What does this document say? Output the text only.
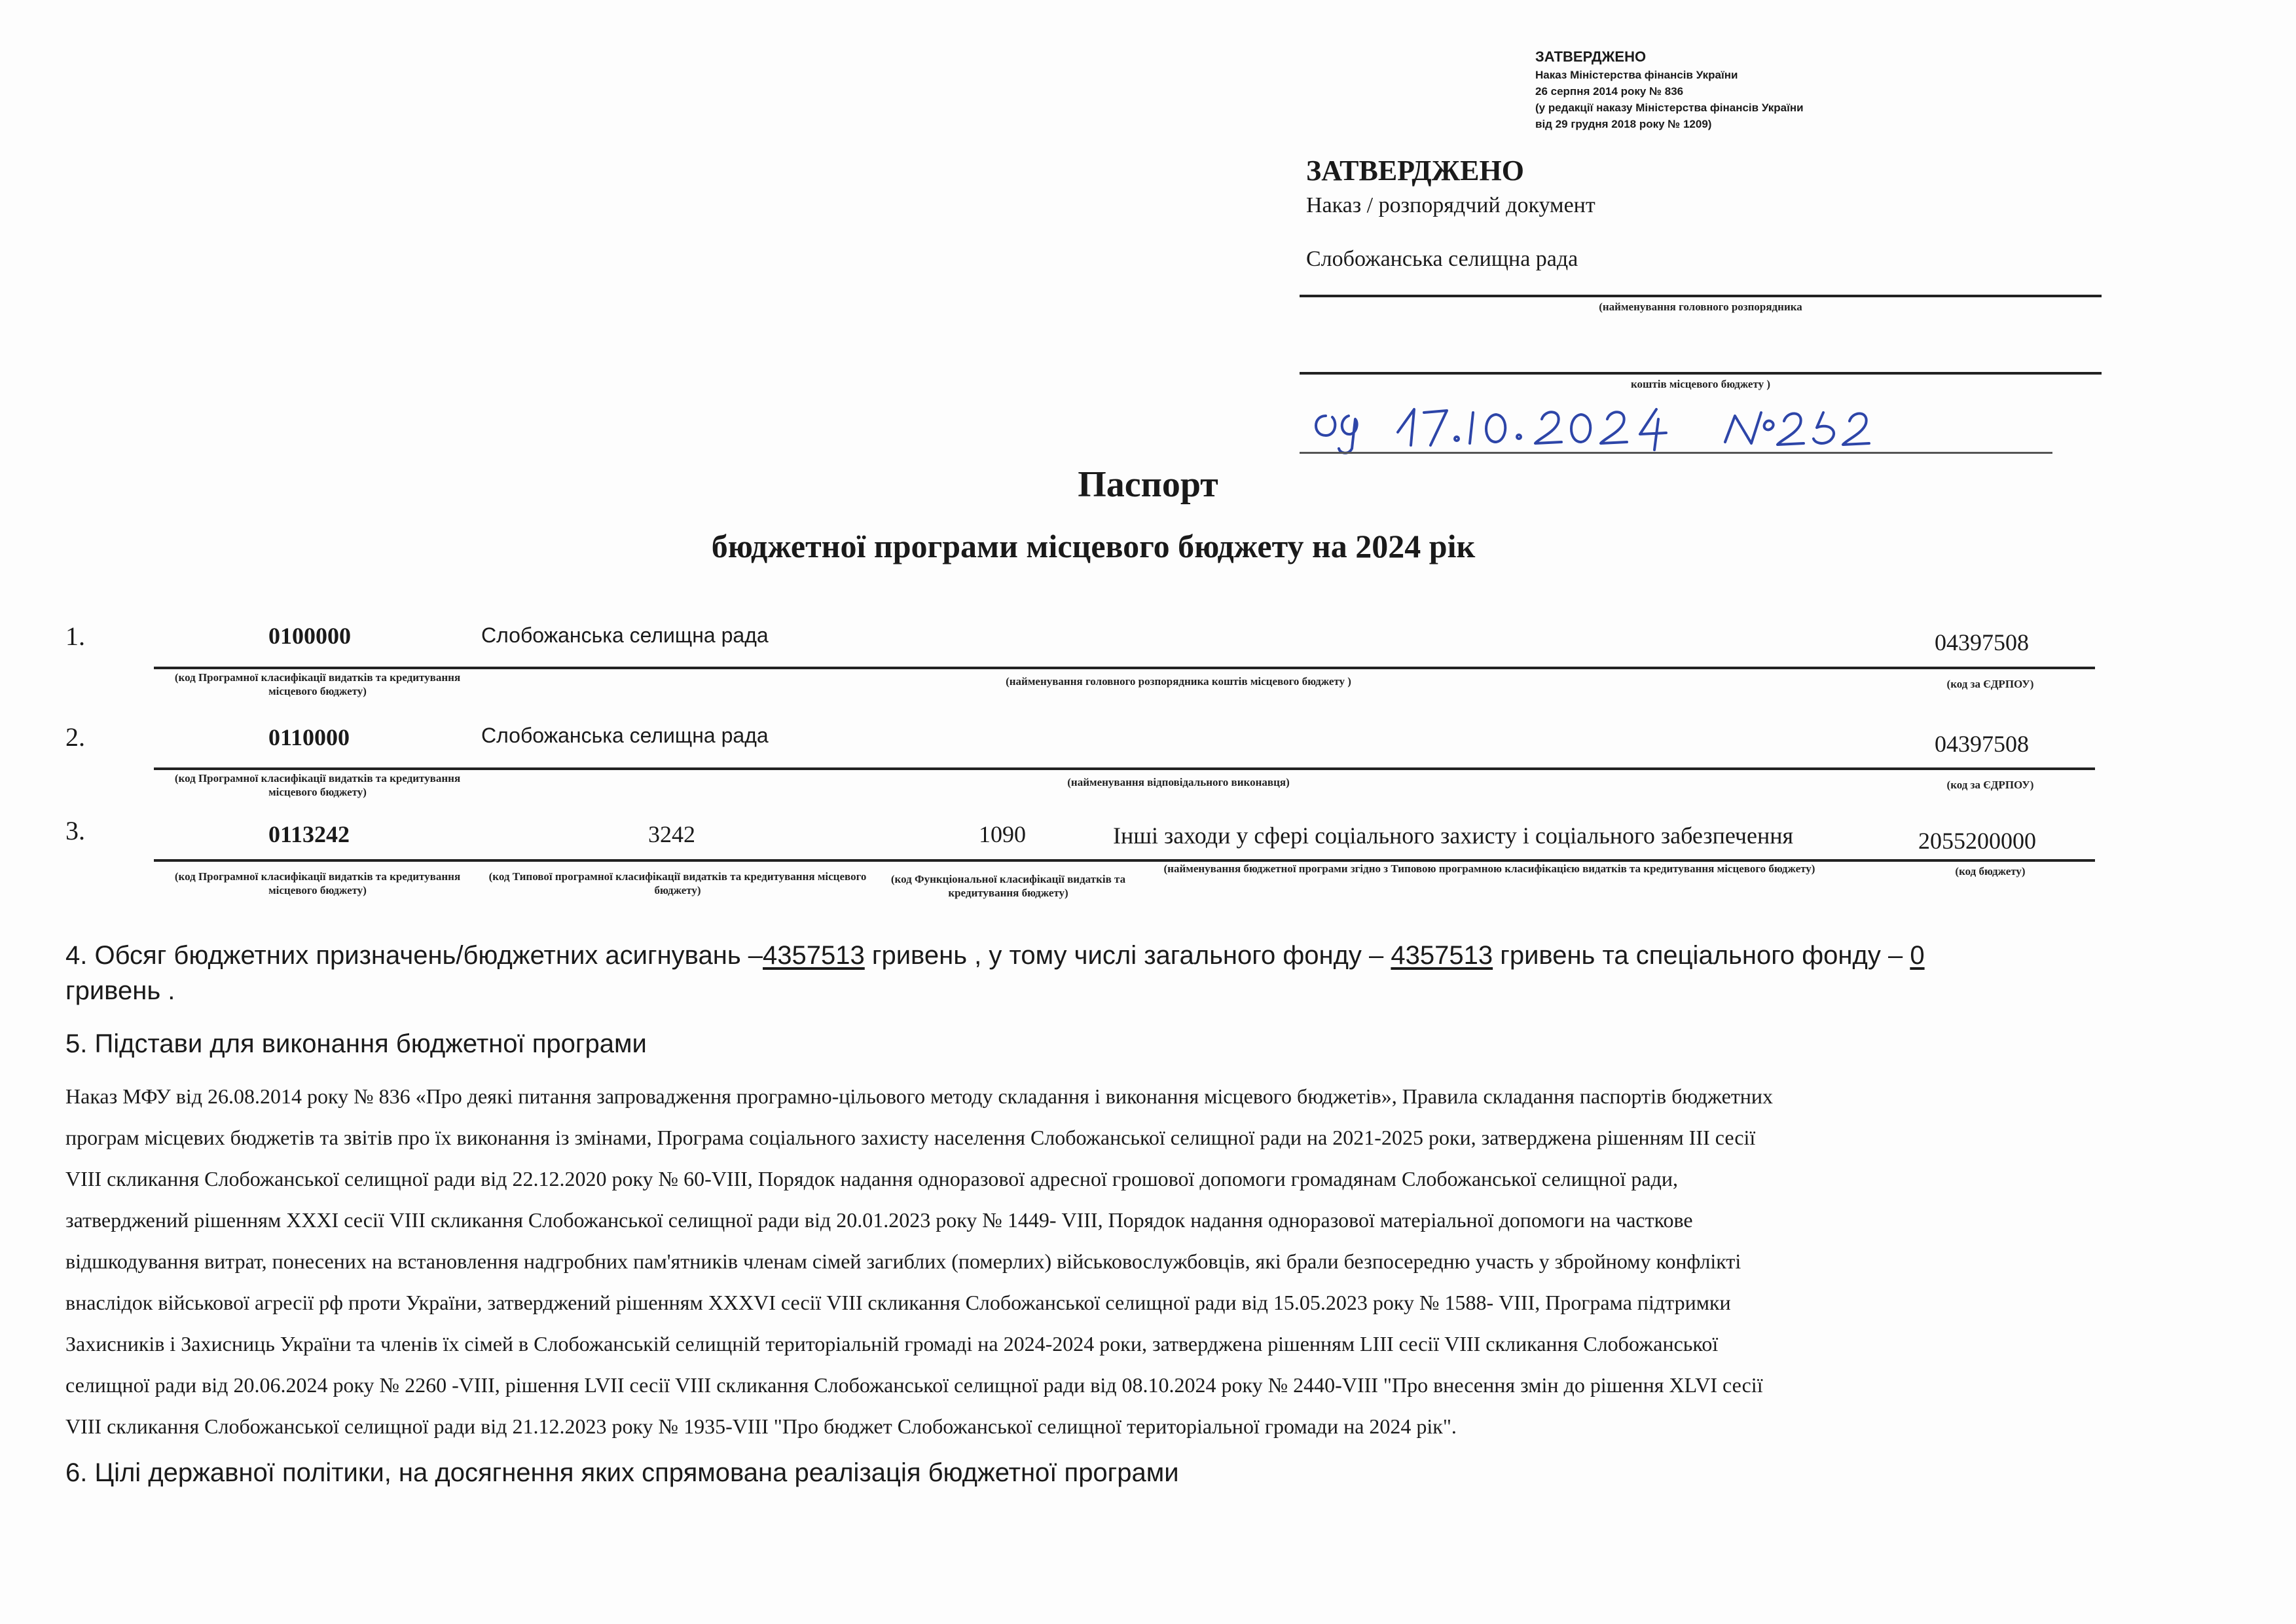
ЗАТВЕРДЖЕНО
Наказ Міністерства фінансів України
26 серпня 2014 року № 836
(у редакції наказу Міністерства фінансів України
від 29 грудня 2018 року № 1209)
ЗАТВЕРДЖЕНО
Наказ / розпорядчий документ
Слобожанська селищна рада
(найменування головного розпорядника
коштів місцевого бюджету )
Паспорт
бюджетної програми місцевого бюджету на 2024 рік
1.	0100000	Слобожанська селищна рада	04397508
(код Програмної класифікації видатків та кредитування місцевого бюджету)
(найменування головного розпорядника коштів місцевого бюджету )	(код за ЄДРПОУ)
2.	0110000	Слобожанська селищна рада	04397508
(код Програмної класифікації видатків та кредитування місцевого бюджету)
(найменування відповідального виконавця)	(код за ЄДРПОУ)
3.	0113242	3242	1090	Інші заходи у сфері соціального захисту і соціального забезпечення	2055200000
(код Програмної класифікації видатків та кредитування місцевого бюджету)
(код Типової програмної класифікації видатків та кредитування місцевого бюджету)
(код Функціональної класифікації видатків та кредитування бюджету)
(найменування бюджетної програми згідно з Типовою програмною класифікацією видатків та кредитування місцевого бюджету)	(код бюджету)
4. Обсяг бюджетних призначень/бюджетних асигнувань –4357513 гривень , у тому числі загального фонду – 4357513 гривень та спеціального фонду – 0
гривень .
5. Підстави для виконання бюджетної програми
Наказ МФУ від 26.08.2014 року № 836 «Про деякі питання запровадження програмно-цільового методу складання і виконання місцевого бюджетів», Правила складання паспортів бюджетних
програм місцевих бюджетів та звітів про їх виконання із змінами, Програма соціального захисту населення Слобожанської селищної ради на 2021-2025 роки, затверджена рішенням ІІІ сесії
VIII скликання Слобожанської селищної ради від 22.12.2020 року № 60-VIII, Порядок надання одноразової адресної грошової допомоги громадянам Слобожанської селищної ради,
затверджений рішенням XXXI сесії VIII скликання Слобожанської селищної ради від 20.01.2023 року № 1449- VIII, Порядок надання одноразової матеріальної допомоги на часткове
відшкодування витрат, понесених на встановлення надгробних пам'ятників членам сімей загиблих (померлих) військовослужбовців, які брали безпосередню участь у збройному конфлікті
внаслідок військової агресії рф проти України, затверджений рішенням XXXVI сесії VIII скликання Слобожанської селищної ради від 15.05.2023 року № 1588- VIII, Програма підтримки
Захисників і Захисниць України та членів їх сімей в Слобожанській селищній територіальній громаді на 2024-2024 роки, затверджена рішенням LIII сесії VIII скликання Слобожанської
селищної ради від 20.06.2024 року № 2260 -VIII, рішення LVII сесії VIII скликання Слобожанської селищної ради від 08.10.2024 року № 2440-VIII "Про внесення змін до рішення XLVI сесії
VIII скликання Слобожанської селищної ради від 21.12.2023 року № 1935-VIII "Про бюджет Слобожанської селищної територіальної громади на 2024 рік".
6. Цілі державної політики, на досягнення яких спрямована реалізація бюджетної програми
